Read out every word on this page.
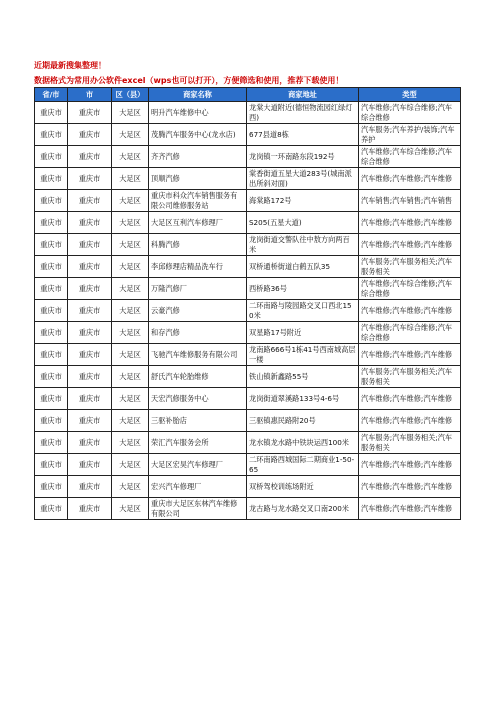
近期最新搜集整理！
数据格式为常用办公软件excel（wps也可以打开），方便筛选和使用，推荐下载使用！
省/市	市	区（县）	商家名称	商家地址	类型
重庆市	重庆市	大足区	明升汽车维修中心	龙棠大道附近(德恒物流园红绿灯西)	汽车维修;汽车综合维修;汽车综合维修
重庆市	重庆市	大足区	茂腾汽车服务中心(龙水店)	677县道8栋	汽车服务;汽车养护/装饰;汽车养护
重庆市	重庆市	大足区	齐齐汽修	龙岗镇一环南路东段192号	汽车维修;汽车综合维修;汽车综合维修
重庆市	重庆市	大足区	顶顺汽修	棠香街道五星大道283号(城南派出所斜对面)	汽车维修;汽车维修;汽车维修
重庆市	重庆市	大足区	重庆市科众汽车销售服务有限公司维修服务站	海棠路172号	汽车销售;汽车销售;汽车销售
重庆市	重庆市	大足区	大足区互利汽车修理厂	S205(五星大道)	汽车维修;汽车维修;汽车维修
重庆市	重庆市	大足区	科腾汽修	龙岗街道交警队往中敖方向两百米	汽车维修;汽车维修;汽车维修
重庆市	重庆市	大足区	李邱修理店精品洗车行	双桥通桥街道白鹤五队35	汽车服务;汽车服务相关;汽车服务相关
重庆市	重庆市	大足区	万隆汽修厂	西桥路36号	汽车维修;汽车综合维修;汽车综合维修
重庆市	重庆市	大足区	云豪汽修	二环南路与陵园路交叉口西北150米	汽车维修;汽车维修;汽车维修
重庆市	重庆市	大足区	和存汽修	双星路17号附近	汽车维修;汽车综合维修;汽车综合维修
重庆市	重庆市	大足区	飞驰汽车维修服务有限公司	龙南路666号1栋41号西南城高层一楼	汽车维修;汽车维修;汽车维修
重庆市	重庆市	大足区	舒氏汽车轮胎维修	铁山镇新鑫路55号	汽车服务;汽车服务相关;汽车服务相关
重庆市	重庆市	大足区	天宏汽修服务中心	龙岗街道翠溪路133号4-6号	汽车维修;汽车维修;汽车维修
重庆市	重庆市	大足区	三驱补胎店	三驱镇惠民路附20号	汽车维修;汽车维修;汽车维修
重庆市	重庆市	大足区	荣汇汽车服务会所	龙水镇龙水路中铁块运西100米	汽车服务;汽车服务相关;汽车服务相关
重庆市	重庆市	大足区	大足区宏昊汽车修理厂	二环南路西城国际二期商业1-50-65	汽车维修;汽车维修;汽车维修
重庆市	重庆市	大足区	宏兴汽车修理厂	双桥驾校训练场附近	汽车维修;汽车维修;汽车维修
重庆市	重庆市	大足区	重庆市大足区东林汽车维修有限公司	龙古路与龙水路交叉口南200米	汽车维修;汽车维修;汽车维修
